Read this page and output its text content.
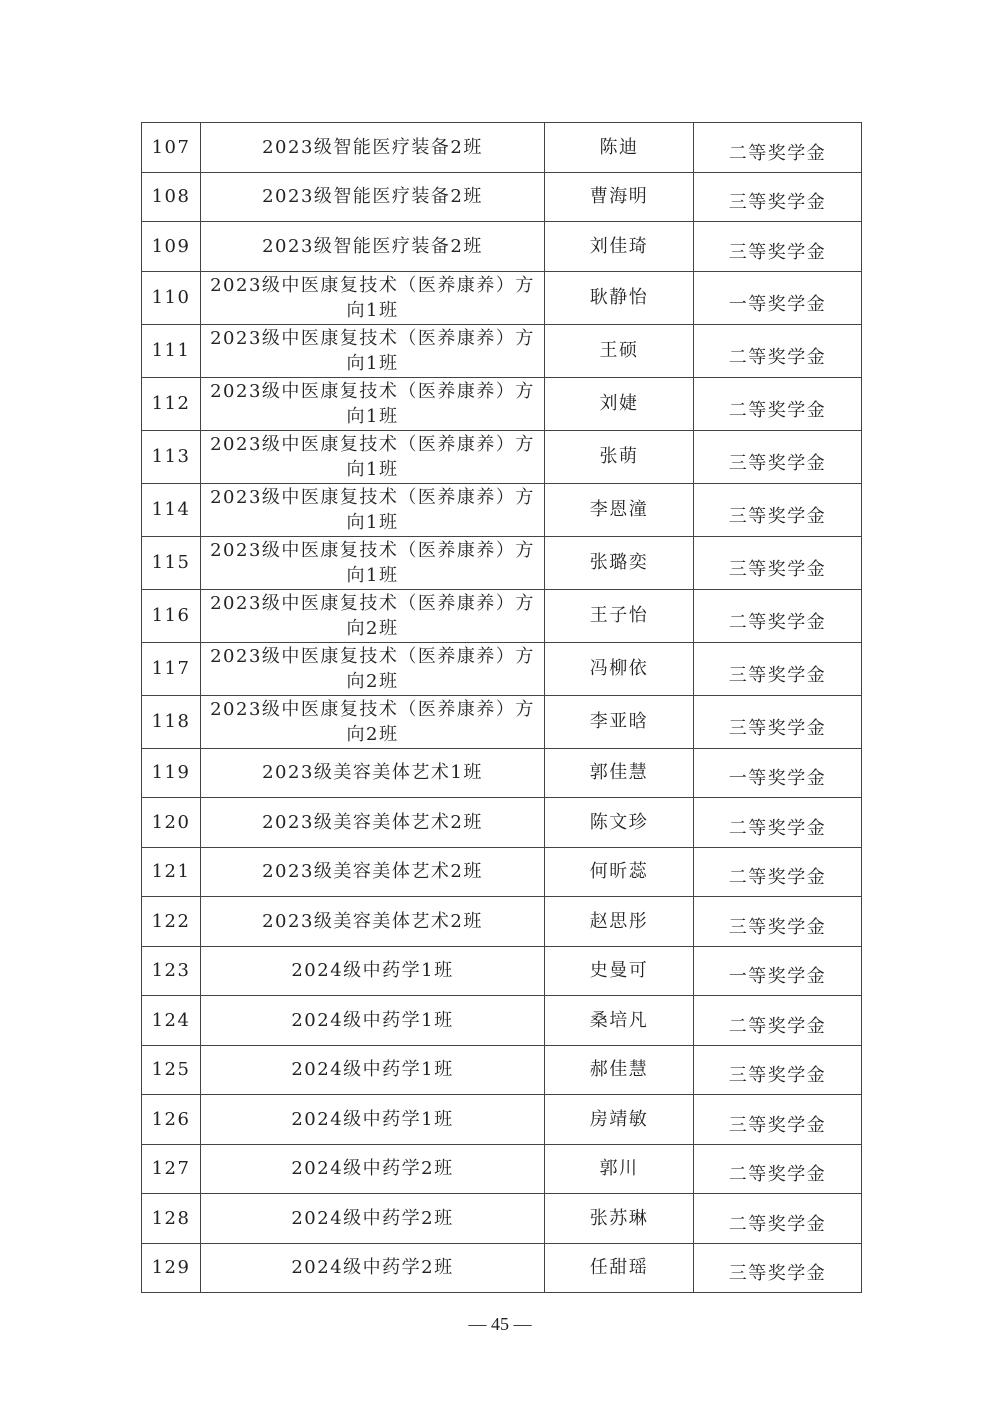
107	2023级智能医疗装备2班	陈迪	二等奖学金
108	2023级智能医疗装备2班	曹海明	三等奖学金
109	2023级智能医疗装备2班	刘佳琦	三等奖学金
110	2023级中医康复技术（医养康养）方向1班	耿静怡	一等奖学金
111	2023级中医康复技术（医养康养）方向1班	王硕	二等奖学金
112	2023级中医康复技术（医养康养）方向1班	刘婕	二等奖学金
113	2023级中医康复技术（医养康养）方向1班	张萌	三等奖学金
114	2023级中医康复技术（医养康养）方向1班	李恩潼	三等奖学金
115	2023级中医康复技术（医养康养）方向1班	张璐奕	三等奖学金
116	2023级中医康复技术（医养康养）方向2班	王子怡	二等奖学金
117	2023级中医康复技术（医养康养）方向2班	冯柳依	三等奖学金
118	2023级中医康复技术（医养康养）方向2班	李亚晗	三等奖学金
119	2023级美容美体艺术1班	郭佳慧	一等奖学金
120	2023级美容美体艺术2班	陈文珍	二等奖学金
121	2023级美容美体艺术2班	何昕蕊	二等奖学金
122	2023级美容美体艺术2班	赵思彤	三等奖学金
123	2024级中药学1班	史曼可	一等奖学金
124	2024级中药学1班	桑培凡	二等奖学金
125	2024级中药学1班	郝佳慧	三等奖学金
126	2024级中药学1班	房靖敏	三等奖学金
127	2024级中药学2班	郭川	二等奖学金
128	2024级中药学2班	张苏琳	二等奖学金
129	2024级中药学2班	任甜瑶	三等奖学金
— 45 —
